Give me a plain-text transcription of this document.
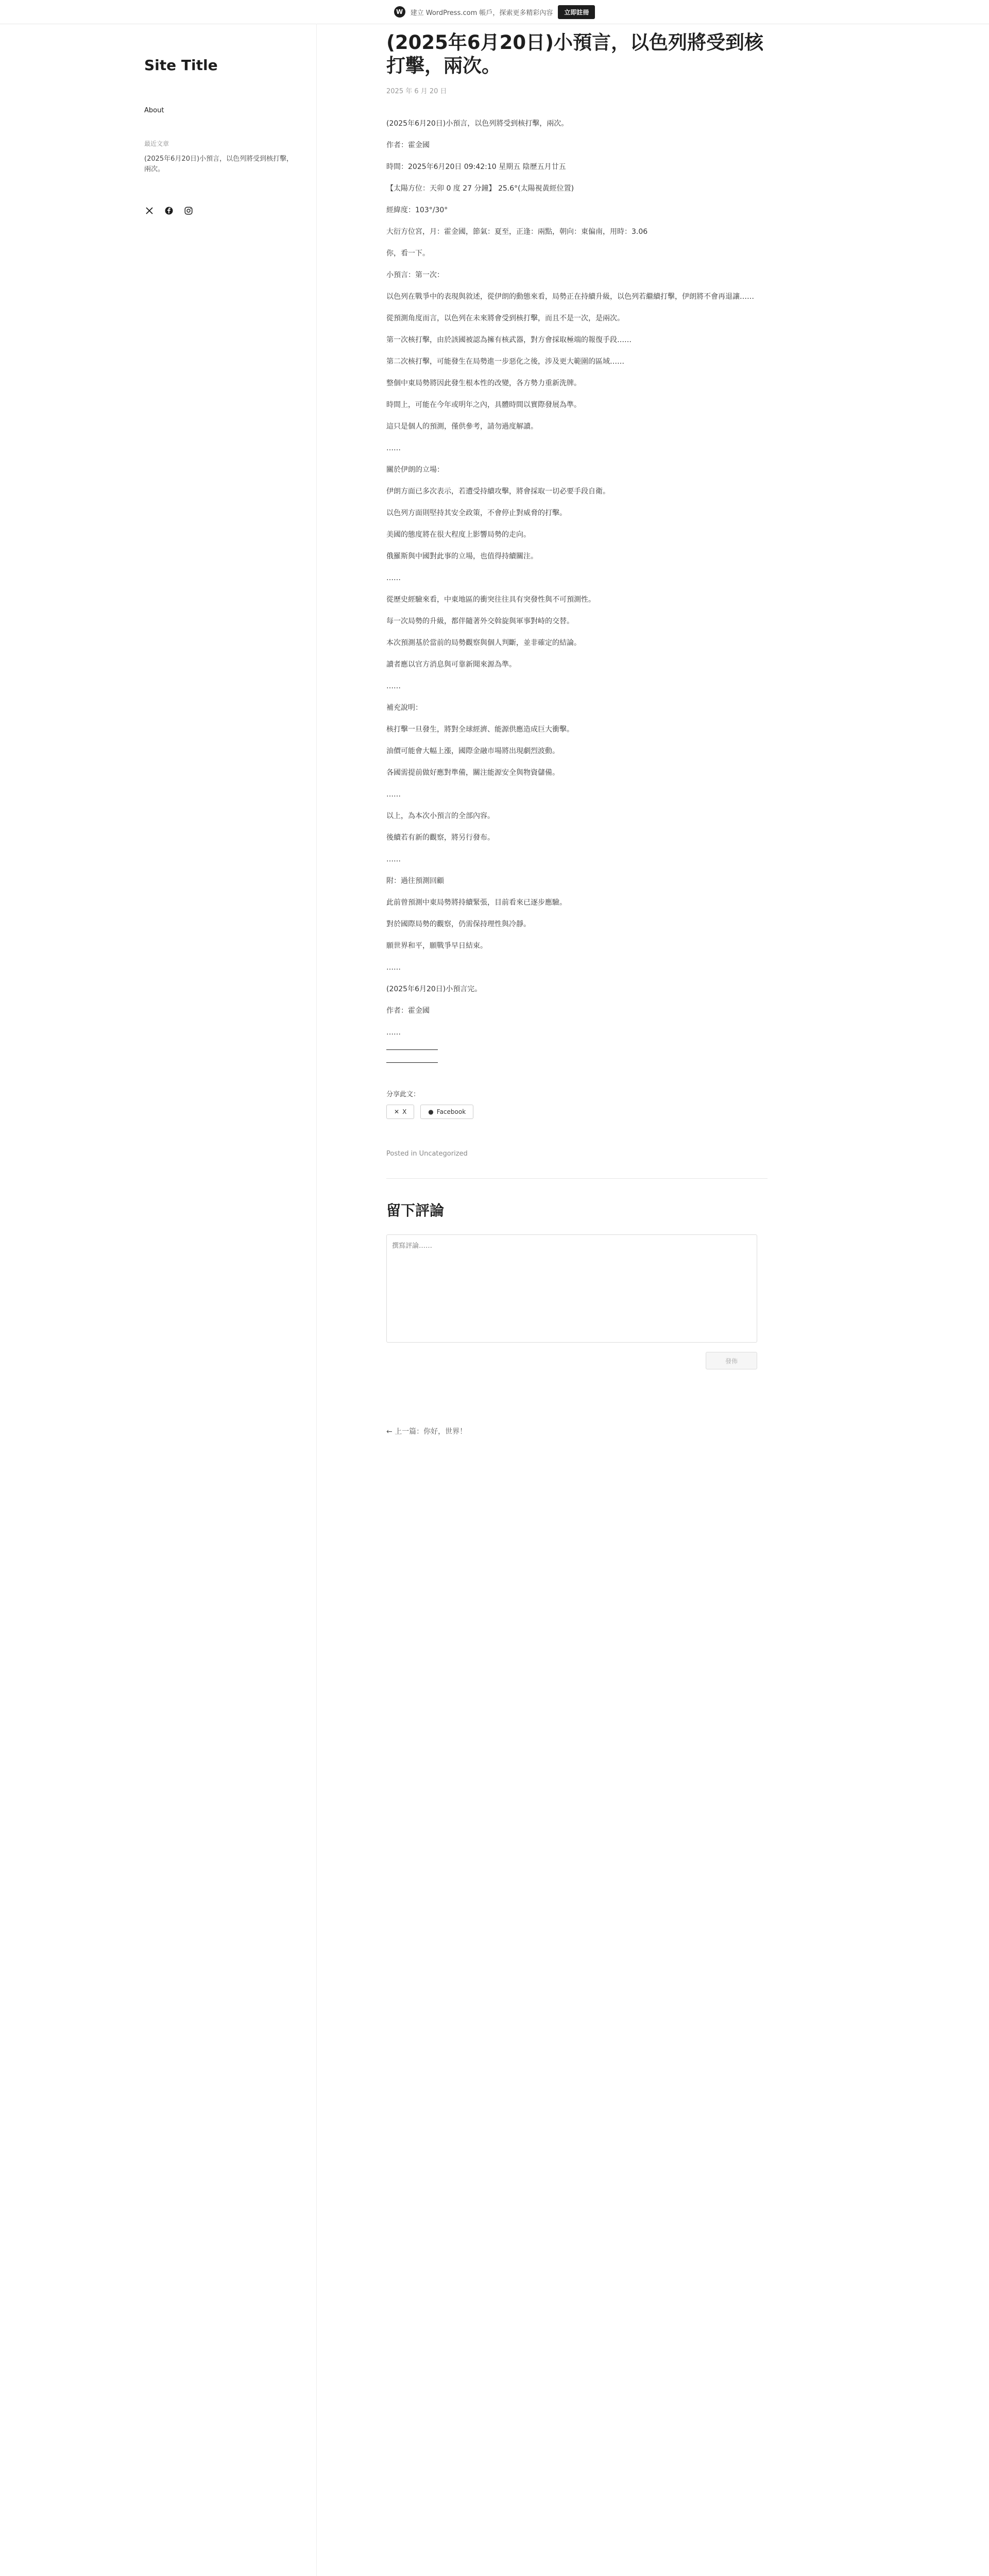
W	建立 WordPress.com 帳戶，探索更多精彩內容	立即註冊
Site Title
About
最近文章
(2025年6月20日)小預言，以色列將受到核打擊，兩次。
(2025年6月20日)小預言，以色列將受到核打擊，兩次。
2025 年 6 月 20 日

(2025年6月20日)小預言，以色列將受到核打擊，兩次。

作者：霍金國

時間：2025年6月20日 09:42:10 星期五 陰歷五月廿五

【太陽方位：天卯 0 度 27 分鐘】 25.6°(太陽視黃經位置)

經緯度：103°/30°

大衍方位宮，月：霍金國，節氣：夏至，正逢：兩點，朝向：東偏南，用時：3.06

你，看一下。

小預言：第一次：

以色列在戰爭中的表現與敘述，從伊朗的動態來看，局勢正在持續升級，以色列若繼續打擊，伊朗將不會再退讓……

從預測角度而言，以色列在未來將會受到核打擊，而且不是一次，是兩次。

第一次核打擊，由於該國被認為擁有核武器，對方會採取極端的報復手段……

第二次核打擊，可能發生在局勢進一步惡化之後，涉及更大範圍的區域……

整個中東局勢將因此發生根本性的改變，各方勢力重新洗牌。

時間上，可能在今年或明年之內，具體時間以實際發展為準。

這只是個人的預測，僅供參考，請勿過度解讀。

……

關於伊朗的立場：

伊朗方面已多次表示，若遭受持續攻擊，將會採取一切必要手段自衛。

以色列方面則堅持其安全政策，不會停止對威脅的打擊。

美國的態度將在很大程度上影響局勢的走向。

俄羅斯與中國對此事的立場，也值得持續關注。

……

從歷史經驗來看，中東地區的衝突往往具有突發性與不可預測性。

每一次局勢的升級，都伴隨著外交斡旋與軍事對峙的交替。

本次預測基於當前的局勢觀察與個人判斷，並非確定的結論。

讀者應以官方消息與可靠新聞來源為準。

……

補充說明：

核打擊一旦發生，將對全球經濟、能源供應造成巨大衝擊。

油價可能會大幅上漲，國際金融市場將出現劇烈波動。

各國需提前做好應對準備，關注能源安全與物資儲備。

……

以上，為本次小預言的全部內容。

後續若有新的觀察，將另行發布。

……

附：過往預測回顧

此前曾預測中東局勢將持續緊張，目前看來已逐步應驗。

對於國際局勢的觀察，仍需保持理性與冷靜。

願世界和平，願戰爭早日結束。

……

(2025年6月20日)小預言完。

作者：霍金國

……

分享此文：
✕ X	● Facebook
Posted in Uncategorized
留下評論
撰寫評論……
發佈
← 上一篇：你好，世界！
